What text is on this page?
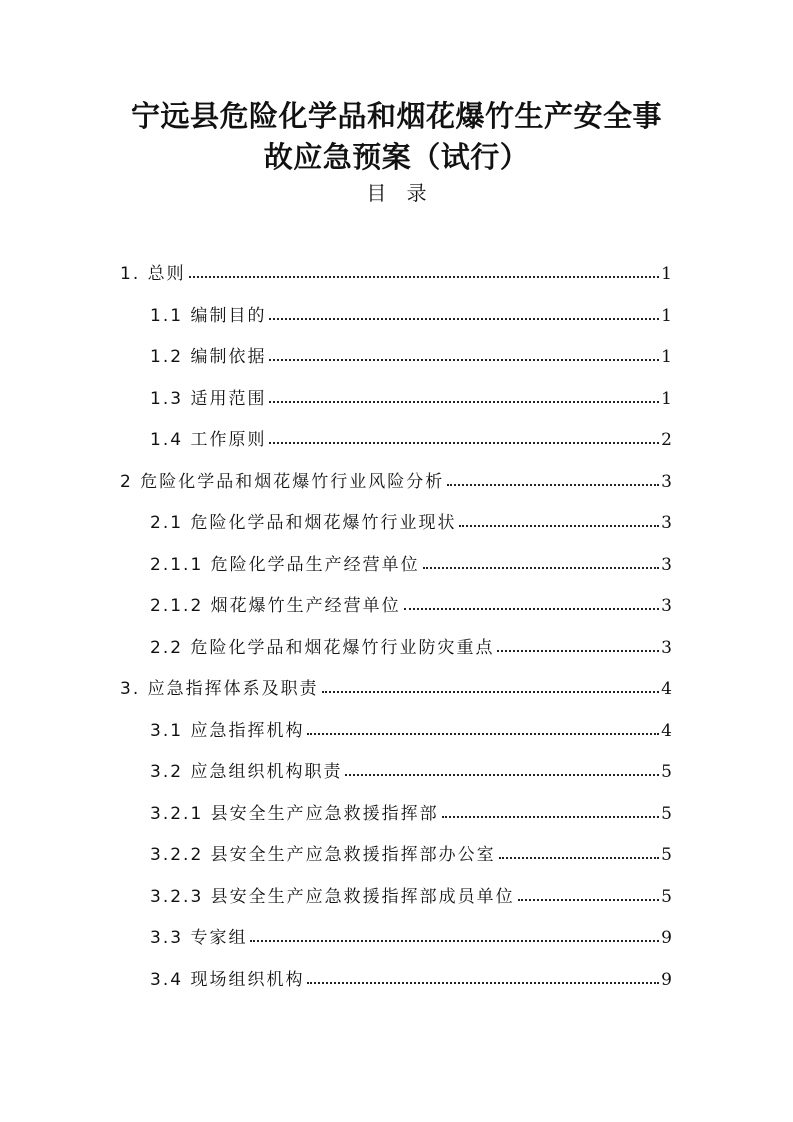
宁远县危险化学品和烟花爆竹生产安全事
故应急预案（试行）
目 录
1. 总则	1
1.1 编制目的	1
1.2 编制依据	1
1.3 适用范围	1
1.4 工作原则	2
2 危险化学品和烟花爆竹行业风险分析	3
2.1 危险化学品和烟花爆竹行业现状	3
2.1.1 危险化学品生产经营单位	3
2.1.2 烟花爆竹生产经营单位	3
2.2 危险化学品和烟花爆竹行业防灾重点	3
3. 应急指挥体系及职责	4
3.1 应急指挥机构	4
3.2 应急组织机构职责	5
3.2.1 县安全生产应急救援指挥部	5
3.2.2 县安全生产应急救援指挥部办公室	5
3.2.3 县安全生产应急救援指挥部成员单位	5
3.3 专家组	9
3.4 现场组织机构	9
